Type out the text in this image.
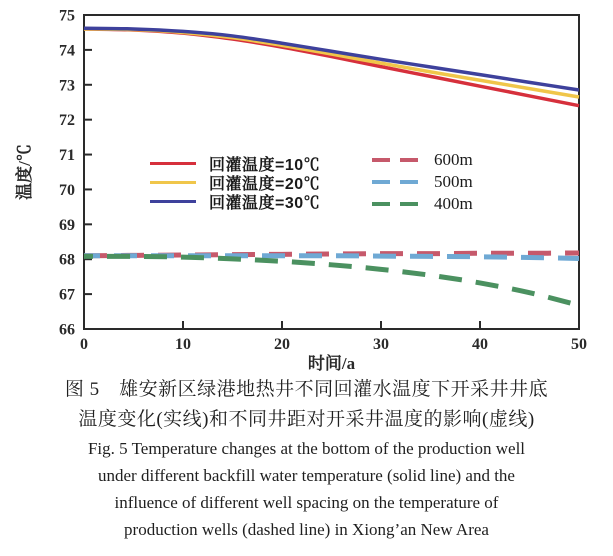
66
67
68
69
70
71
72
73
74
75
0	10	20	30	40	50
时间/a
温度/℃	回灌温度=10℃
回灌温度=20℃
回灌温度=30℃
600m
500m
400m
图 5　雄安新区绿港地热井不同回灌水温度下开采井井底
温度变化(实线)和不同井距对开采井温度的影响(虚线)
Fig. 5 Temperature changes at the bottom of the production well
under different backfill water temperature (solid line) and the
influence of different well spacing on the temperature of
production wells (dashed line) in Xiong’an New Area
